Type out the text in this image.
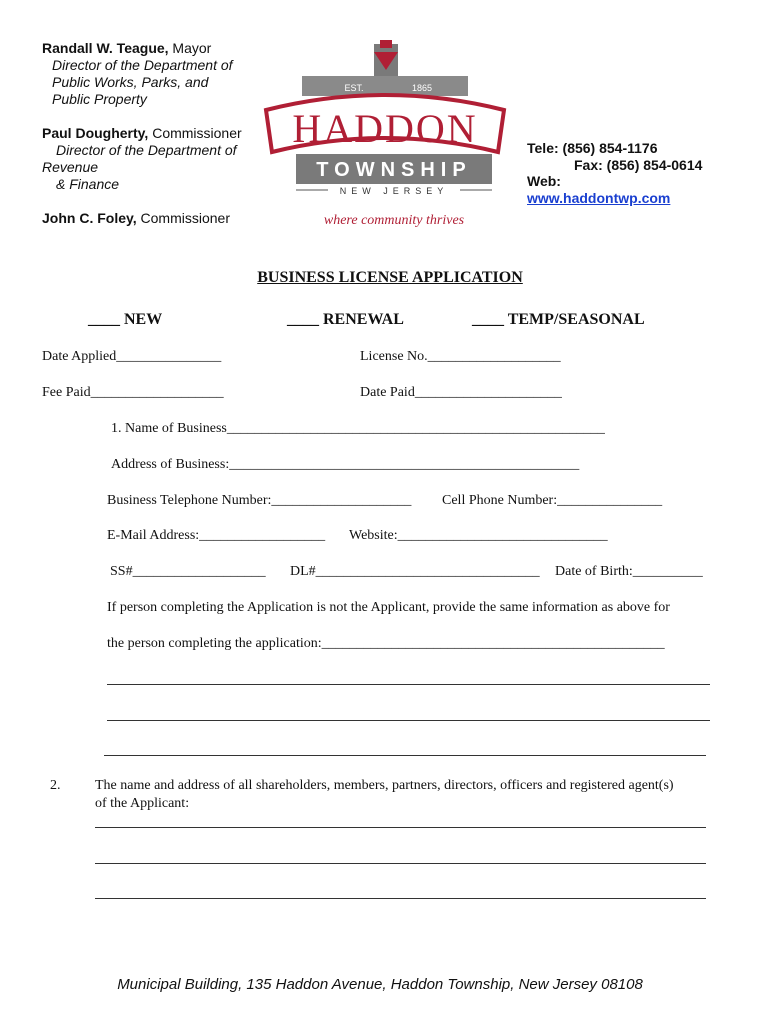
Randall W. Teague, Mayor
Director of the Department of
Public Works, Parks, and
Public Property
Paul Dougherty, Commissioner
Director of the Department of
Revenue
& Finance
John C. Foley, Commissioner
EST.	1865
HADDON
TOWNSHIP
NEW JERSEY
where community thrives
Tele: (856) 854-1176
Fax: (856) 854-0614
Web:
www.haddontwp.com
BUSINESS LICENSE APPLICATION
____ NEW	____ RENEWAL	____ TEMP/SEASONAL
Date Applied_______________	License No.___________________
Fee Paid___________________	Date Paid_____________________
1. Name of Business______________________________________________________
Address of Business:__________________________________________________
Business Telephone Number:____________________ Cell Phone Number:_______________
E-Mail Address:__________________ Website:______________________________
SS#___________________ DL#________________________________ Date of Birth:__________
If person completing the Application is not the Applicant, provide the same information as above for
the person completing the application:_________________________________________________
2. The name and address of all shareholders, members, partners, directors, officers and registered agent(s)
of the Applicant:
Municipal Building, 135 Haddon Avenue, Haddon Township, New Jersey 08108
